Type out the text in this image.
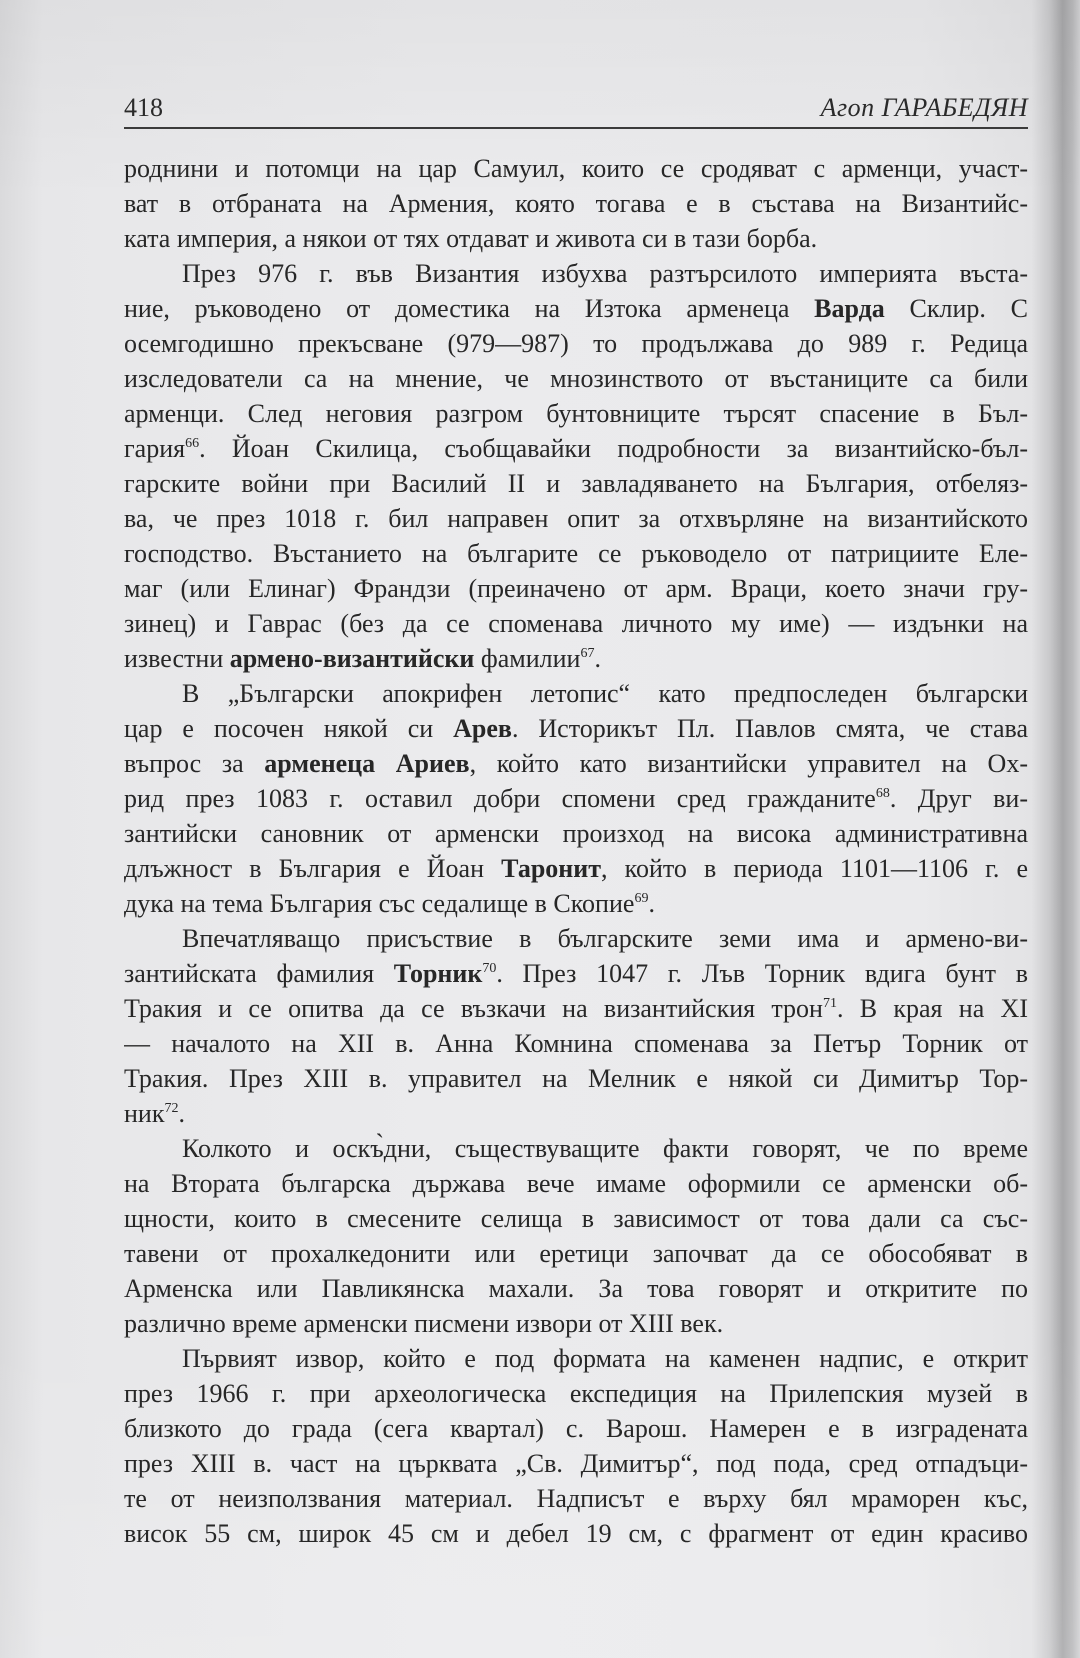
418	Агоп ГАРАБЕДЯН
роднини и потомци на цар Самуил, които се сродяват с арменци, участ-
ват в отбраната на Армения, която тогава е в състава на Византийс-
ката империя, а някои от тях отдават и живота си в тази борба.
През 976 г. във Византия избухва разтърсилото империята въста-
ние, ръководено от доместика на Изтока арменеца Варда Склир. С
осемгодишно прекъсване (979—987) то продължава до 989 г. Редица
изследователи са на мнение, че мнозинството от въстаниците са били
арменци. След неговия разгром бунтовниците търсят спасение в Бъл-
гария$^{66}$. Йоан Скилица, съобщавайки подробности за византийско-бъл-
гарските войни при Василий II и завладяването на България, отбеляз-
ва, че през 1018 г. бил направен опит за отхвърляне на византийското
господство. Въстанието на българите се ръководело от патрициите Еле-
маг (или Елинаг) Франдзи (преиначено от арм. Враци, което значи гру-
зинец) и Гаврас (без да се споменава личното му име) — издънки на
известни армено-византийски фамилии$^{67}$.
В „Български апокрифен летопис“ като предпоследен български
цар е посочен някой си Арев. Историкът Пл. Павлов смята, че става
въпрос за арменеца Ариев, който като византийски управител на Ох-
рид през 1083 г. оставил добри спомени сред гражданите$^{68}$. Друг ви-
зантийски сановник от арменски произход на висока административна
длъжност в България е Йоан Таронит, който в периода 1101—1106 г. е
дука на тема България със седалище в Скопие$^{69}$.
Впечатляващо присъствие в българските земи има и армено-ви-
зантийската фамилия Торник$^{70}$. През 1047 г. Лъв Торник вдига бунт в
Тракия и се опитва да се възкачи на византийския трон$^{71}$. В края на XI
— началото на XII в. Анна Комнина споменава за Петър Торник от
Тракия. През XIII в. управител на Мелник е някой си Димитър Тор-
ник$^{72}$.
Колкото и оскъ̀дни, съществуващите факти говорят, че по време
на Втората българска държава вече имаме оформили се арменски об-
щности, които в смесените селища в зависимост от това дали са със-
тавени от прохалкедонити или еретици започват да се обособяват в
Арменска или Павликянска махали. За това говорят и откритите по
различно време арменски писмени извори от XIII век.
Първият извор, който е под формата на каменен надпис, е открит
през 1966 г. при археологическа експедиция на Прилепския музей в
близкото до града (сега квартал) с. Варош. Намерен е в изградената
през XIII в. част на църквата „Св. Димитър“, под пода, сред отпадъци-
те от неизползвания материал. Надписът е върху бял мраморен къс,
висок 55 см, широк 45 см и дебел 19 см, с фрагмент от един красиво
